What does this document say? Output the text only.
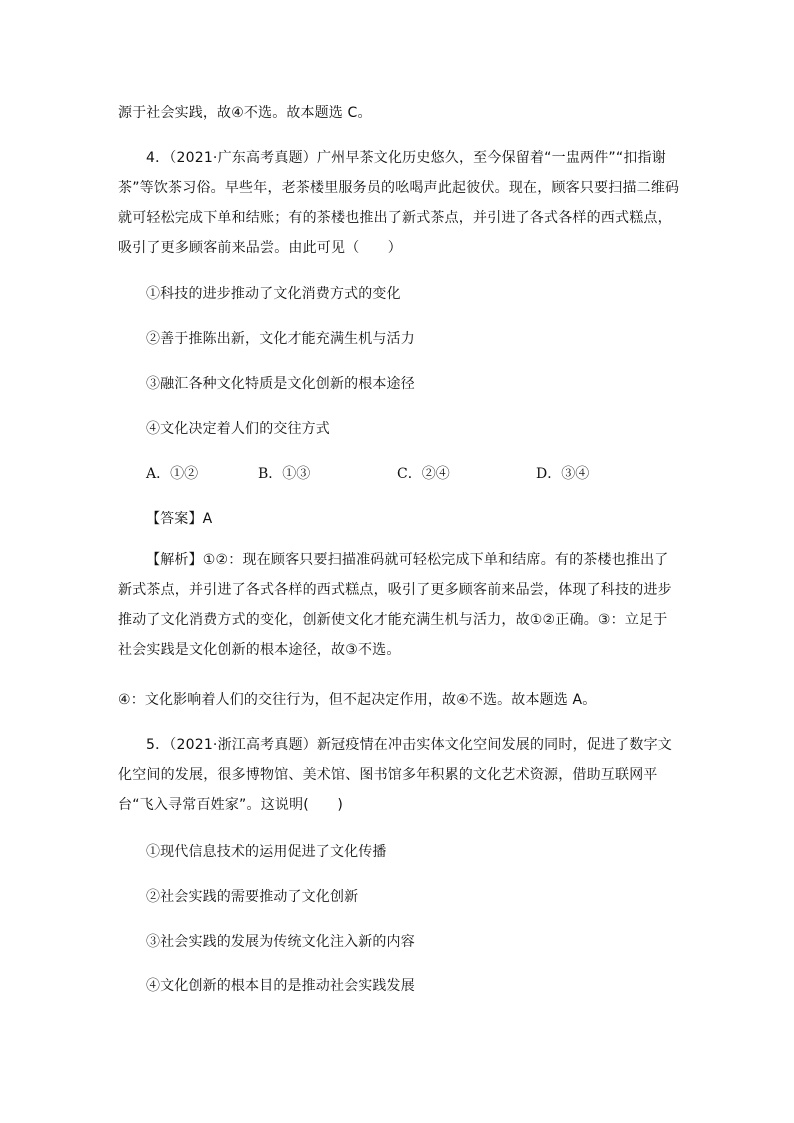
源于社会实践，故④不选。故本题选 C。
4．（2021·广东高考真题）广州早茶文化历史悠久，至今保留着“一盅两件”“扣指谢茶”等饮茶习俗。早些年，老茶楼里服务员的吆喝声此起彼伏。现在，顾客只要扫描二维码就可轻松完成下单和结账；有的茶楼也推出了新式茶点，并引进了各式各样的西式糕点，吸引了更多顾客前来品尝。由此可见（　　）
①科技的进步推动了文化消费方式的变化
②善于推陈出新，文化才能充满生机与活力
③融汇各种文化特质是文化创新的根本途径
④文化决定着人们的交往方式
A．①②	B．①③	C．②④	D．③④
【答案】A
【解析】①②：现在顾客只要扫描准码就可轻松完成下单和结席。有的茶楼也推出了新式茶点，并引进了各式各样的西式糕点，吸引了更多顾客前来品尝，体现了科技的进步推动了文化消费方式的变化，创新使文化才能充满生机与活力，故①②正确。③：立足于社会实践是文化创新的根本途径，故③不选。
④：文化影响着人们的交往行为，但不起决定作用，故④不选。故本题选 A。
5．（2021·浙江高考真题）新冠疫情在冲击实体文化空间发展的同时，促进了数字文化空间的发展，很多博物馆、美术馆、图书馆多年积累的文化艺术资源，借助互联网平台“飞入寻常百姓家”。这说明(　　)
①现代信息技术的运用促进了文化传播
②社会实践的需要推动了文化创新
③社会实践的发展为传统文化注入新的内容
④文化创新的根本目的是推动社会实践发展
